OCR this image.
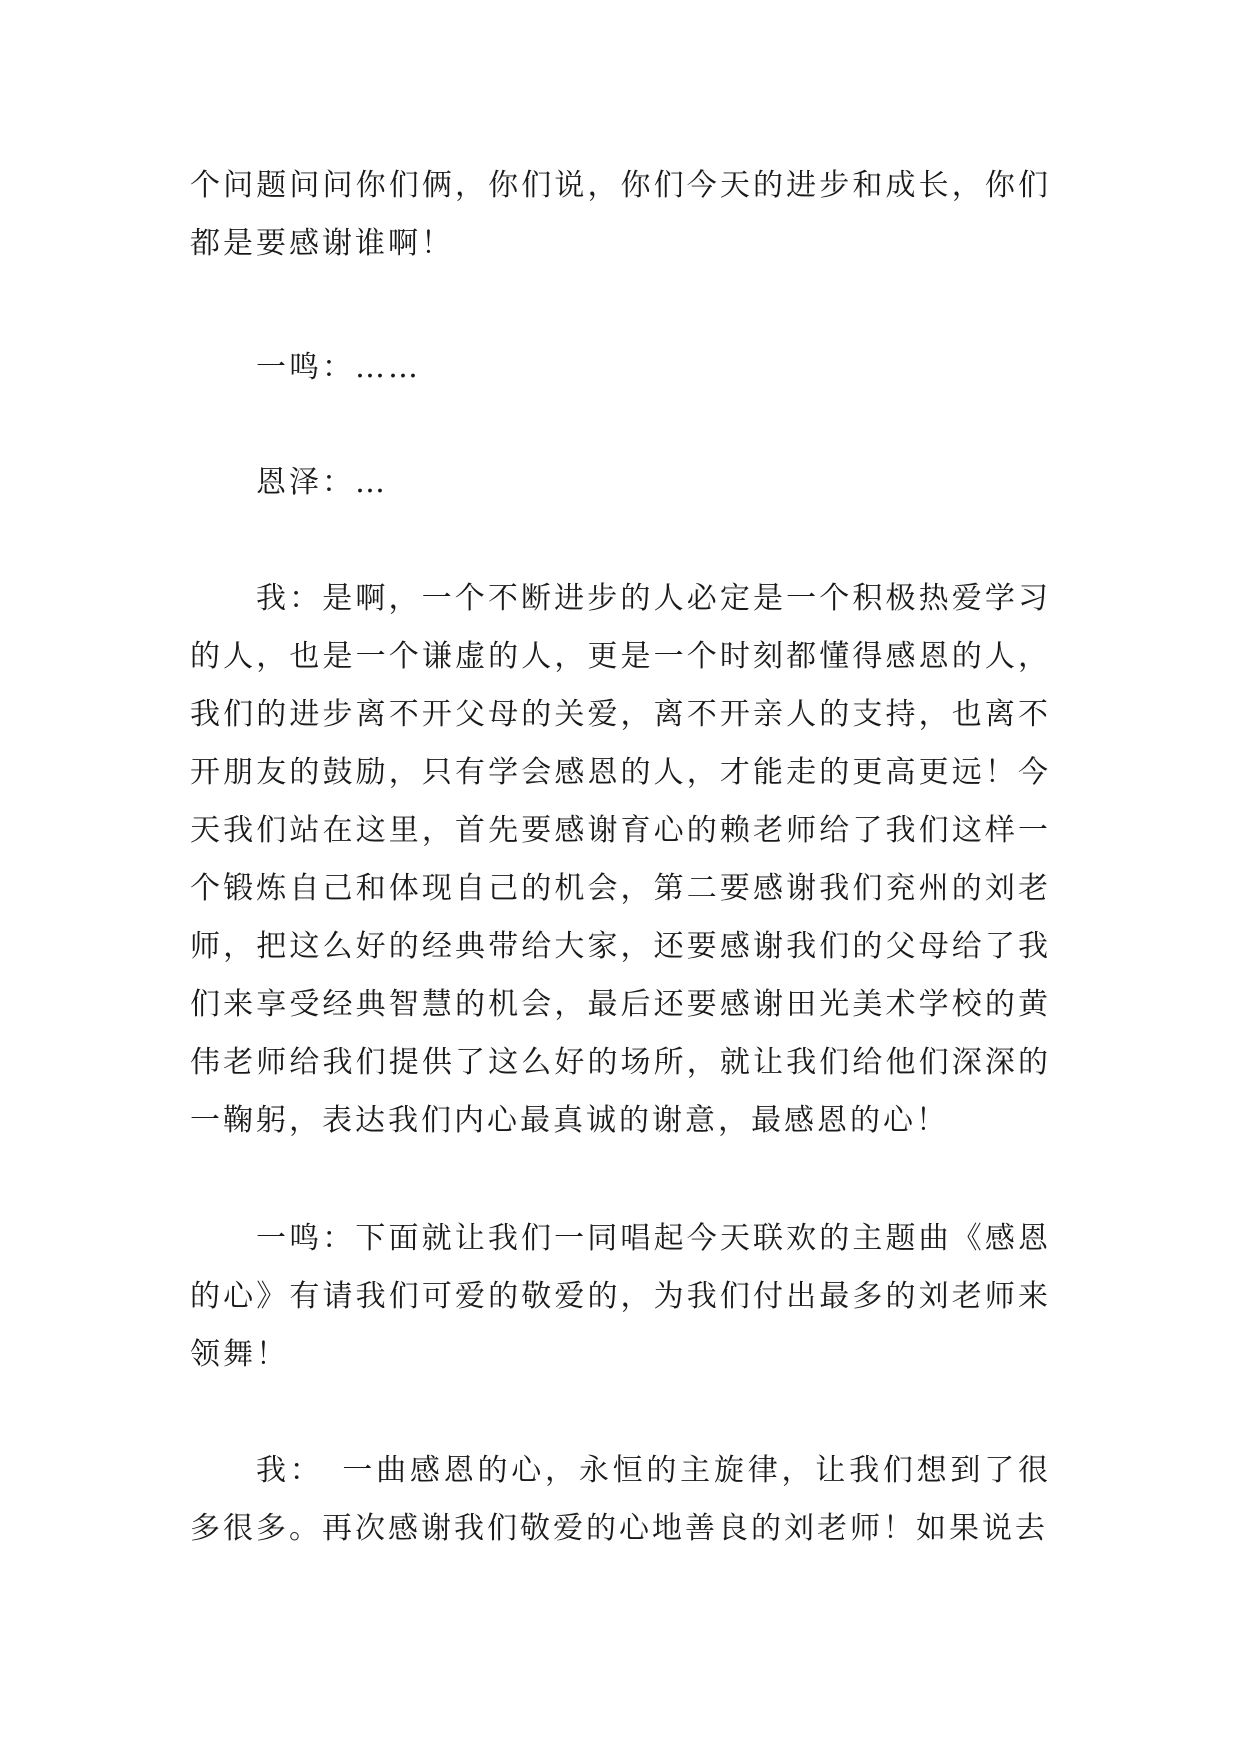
个问题问问你们俩，你们说，你们今天的进步和成长，你们都是要感谢谁啊！

一鸣：……

恩泽：…

我：是啊，一个不断进步的人必定是一个积极热爱学习的人，也是一个谦虚的人，更是一个时刻都懂得感恩的人，我们的进步离不开父母的关爱，离不开亲人的支持，也离不开朋友的鼓励，只有学会感恩的人，才能走的更高更远！今天我们站在这里，首先要感谢育心的赖老师给了我们这样一个锻炼自己和体现自己的机会，第二要感谢我们兖州的刘老师，把这么好的经典带给大家，还要感谢我们的父母给了我们来享受经典智慧的机会，最后还要感谢田光美术学校的黄伟老师给我们提供了这么好的场所，就让我们给他们深深的一鞠躬，表达我们内心最真诚的谢意，最感恩的心！

一鸣：下面就让我们一同唱起今天联欢的主题曲《感恩的心》有请我们可爱的敬爱的，为我们付出最多的刘老师来领舞！

我：　一曲感恩的心，永恒的主旋律，让我们想到了很多很多。再次感谢我们敬爱的心地善良的刘老师！如果说去
